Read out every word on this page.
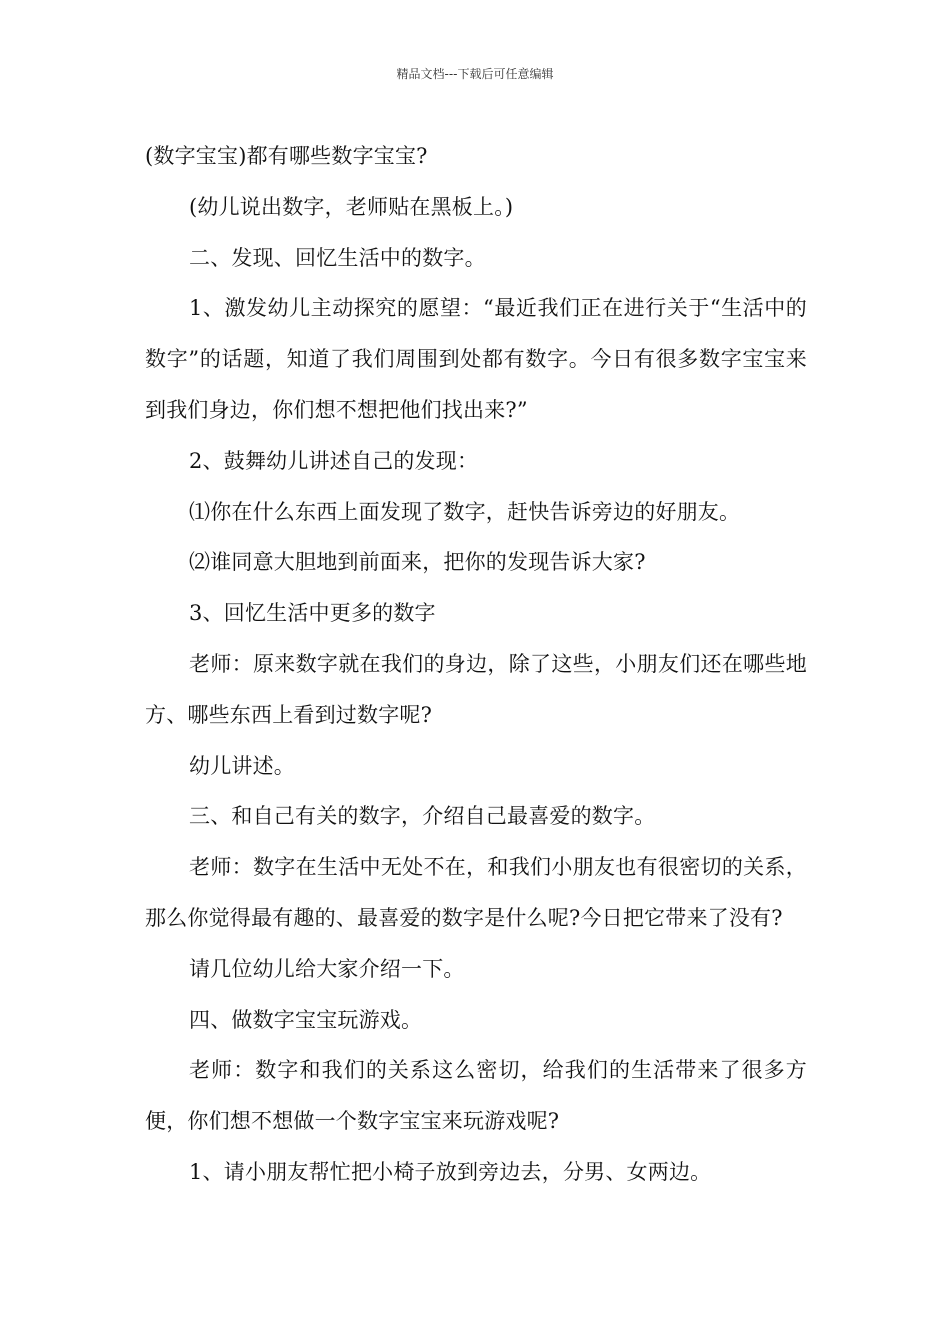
精品文档---下载后可任意编辑

(数字宝宝)都有哪些数字宝宝?

(幼儿说出数字，老师贴在黑板上。)

二、发现、回忆生活中的数字。

1、激发幼儿主动探究的愿望：“最近我们正在进行关于“生活中的数字”的话题，知道了我们周围到处都有数字。今日有很多数字宝宝来到我们身边，你们想不想把他们找出来?”

2、鼓舞幼儿讲述自己的发现：

⑴你在什么东西上面发现了数字，赶快告诉旁边的好朋友。

⑵谁同意大胆地到前面来，把你的发现告诉大家?

3、回忆生活中更多的数字

老师：原来数字就在我们的身边，除了这些，小朋友们还在哪些地方、哪些东西上看到过数字呢?

幼儿讲述。

三、和自己有关的数字，介绍自己最喜爱的数字。

老师：数字在生活中无处不在，和我们小朋友也有很密切的关系，那么你觉得最有趣的、最喜爱的数字是什么呢?今日把它带来了没有?

请几位幼儿给大家介绍一下。

四、做数字宝宝玩游戏。

老师：数字和我们的关系这么密切，给我们的生活带来了很多方便，你们想不想做一个数字宝宝来玩游戏呢?

1、请小朋友帮忙把小椅子放到旁边去，分男、女两边。
